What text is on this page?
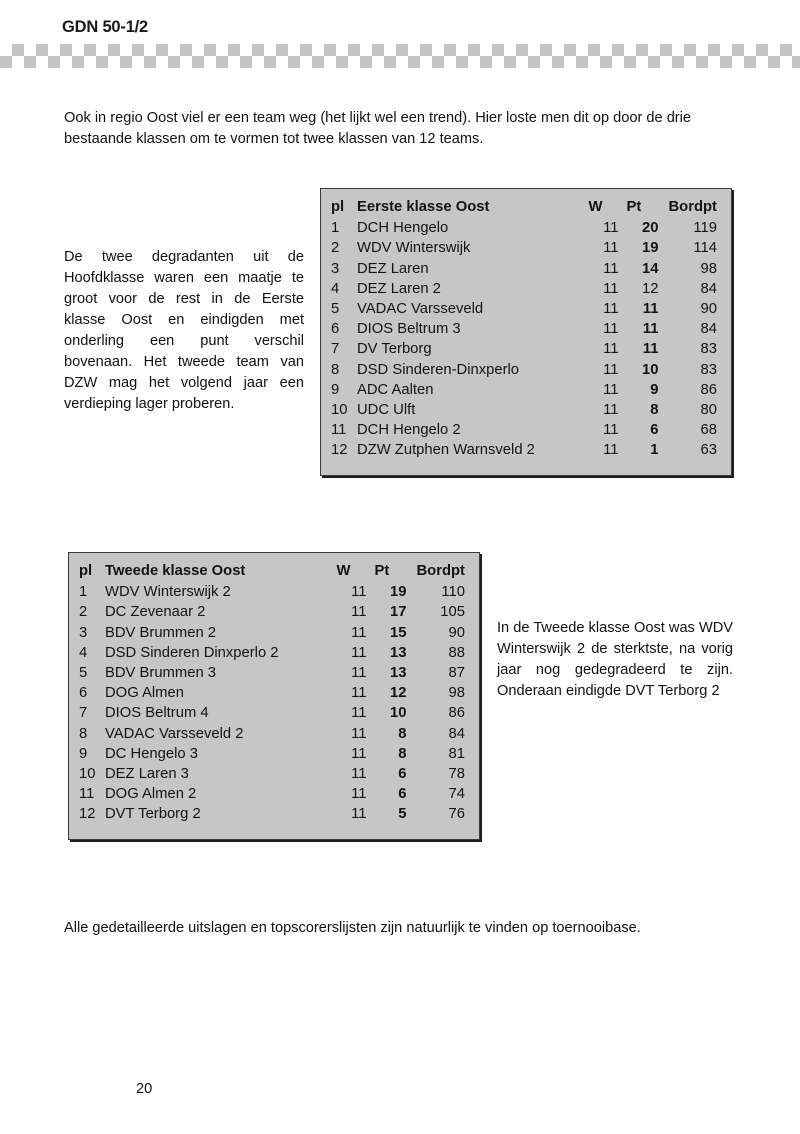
GDN 50-1/2
Ook in regio Oost viel er een team weg (het lijkt wel een trend). Hier loste men dit op door de drie bestaande klassen om te vormen tot twee klassen van 12 teams.
De twee degradanten uit de Hoofdklasse waren een maatje te groot voor de rest in de Eerste klasse Oost en eindigden met onderling een punt verschil bovenaan. Het tweede team van DZW mag het volgend jaar een verdieping lager proberen.
pl	Eerste klasse Oost	W	Pt	Bordpt
1	DCH Hengelo	11	20	119
2	WDV Winterswijk	11	19	114
3	DEZ Laren	11	14	98
4	DEZ Laren 2	11	12	84
5	VADAC Varsseveld	11	11	90
6	DIOS Beltrum 3	11	11	84
7	DV Terborg	11	11	83
8	DSD Sinderen-Dinxperlo	11	10	83
9	ADC Aalten	11	9	86
10	UDC Ulft	11	8	80
11	DCH Hengelo 2	11	6	68
12	DZW Zutphen Warnsveld 2	11	1	63
pl	Tweede klasse Oost	W	Pt	Bordpt
1	WDV Winterswijk 2	11	19	110
2	DC Zevenaar 2	11	17	105
3	BDV Brummen 2	11	15	90
4	DSD Sinderen Dinxperlo 2	11	13	88
5	BDV Brummen 3	11	13	87
6	DOG Almen	11	12	98
7	DIOS Beltrum 4	11	10	86
8	VADAC Varsseveld 2	11	8	84
9	DC Hengelo 3	11	8	81
10	DEZ Laren 3	11	6	78
11	DOG Almen 2	11	6	74
12	DVT Terborg 2	11	5	76
In de Tweede klasse Oost was WDV Winterswijk 2 de sterktste, na vorig jaar nog gedegradeerd te zijn. Onderaan eindigde DVT Terborg 2
Alle gedetailleerde uitslagen en topscorerslijsten zijn natuurlijk te vinden op toernooibase.
20
